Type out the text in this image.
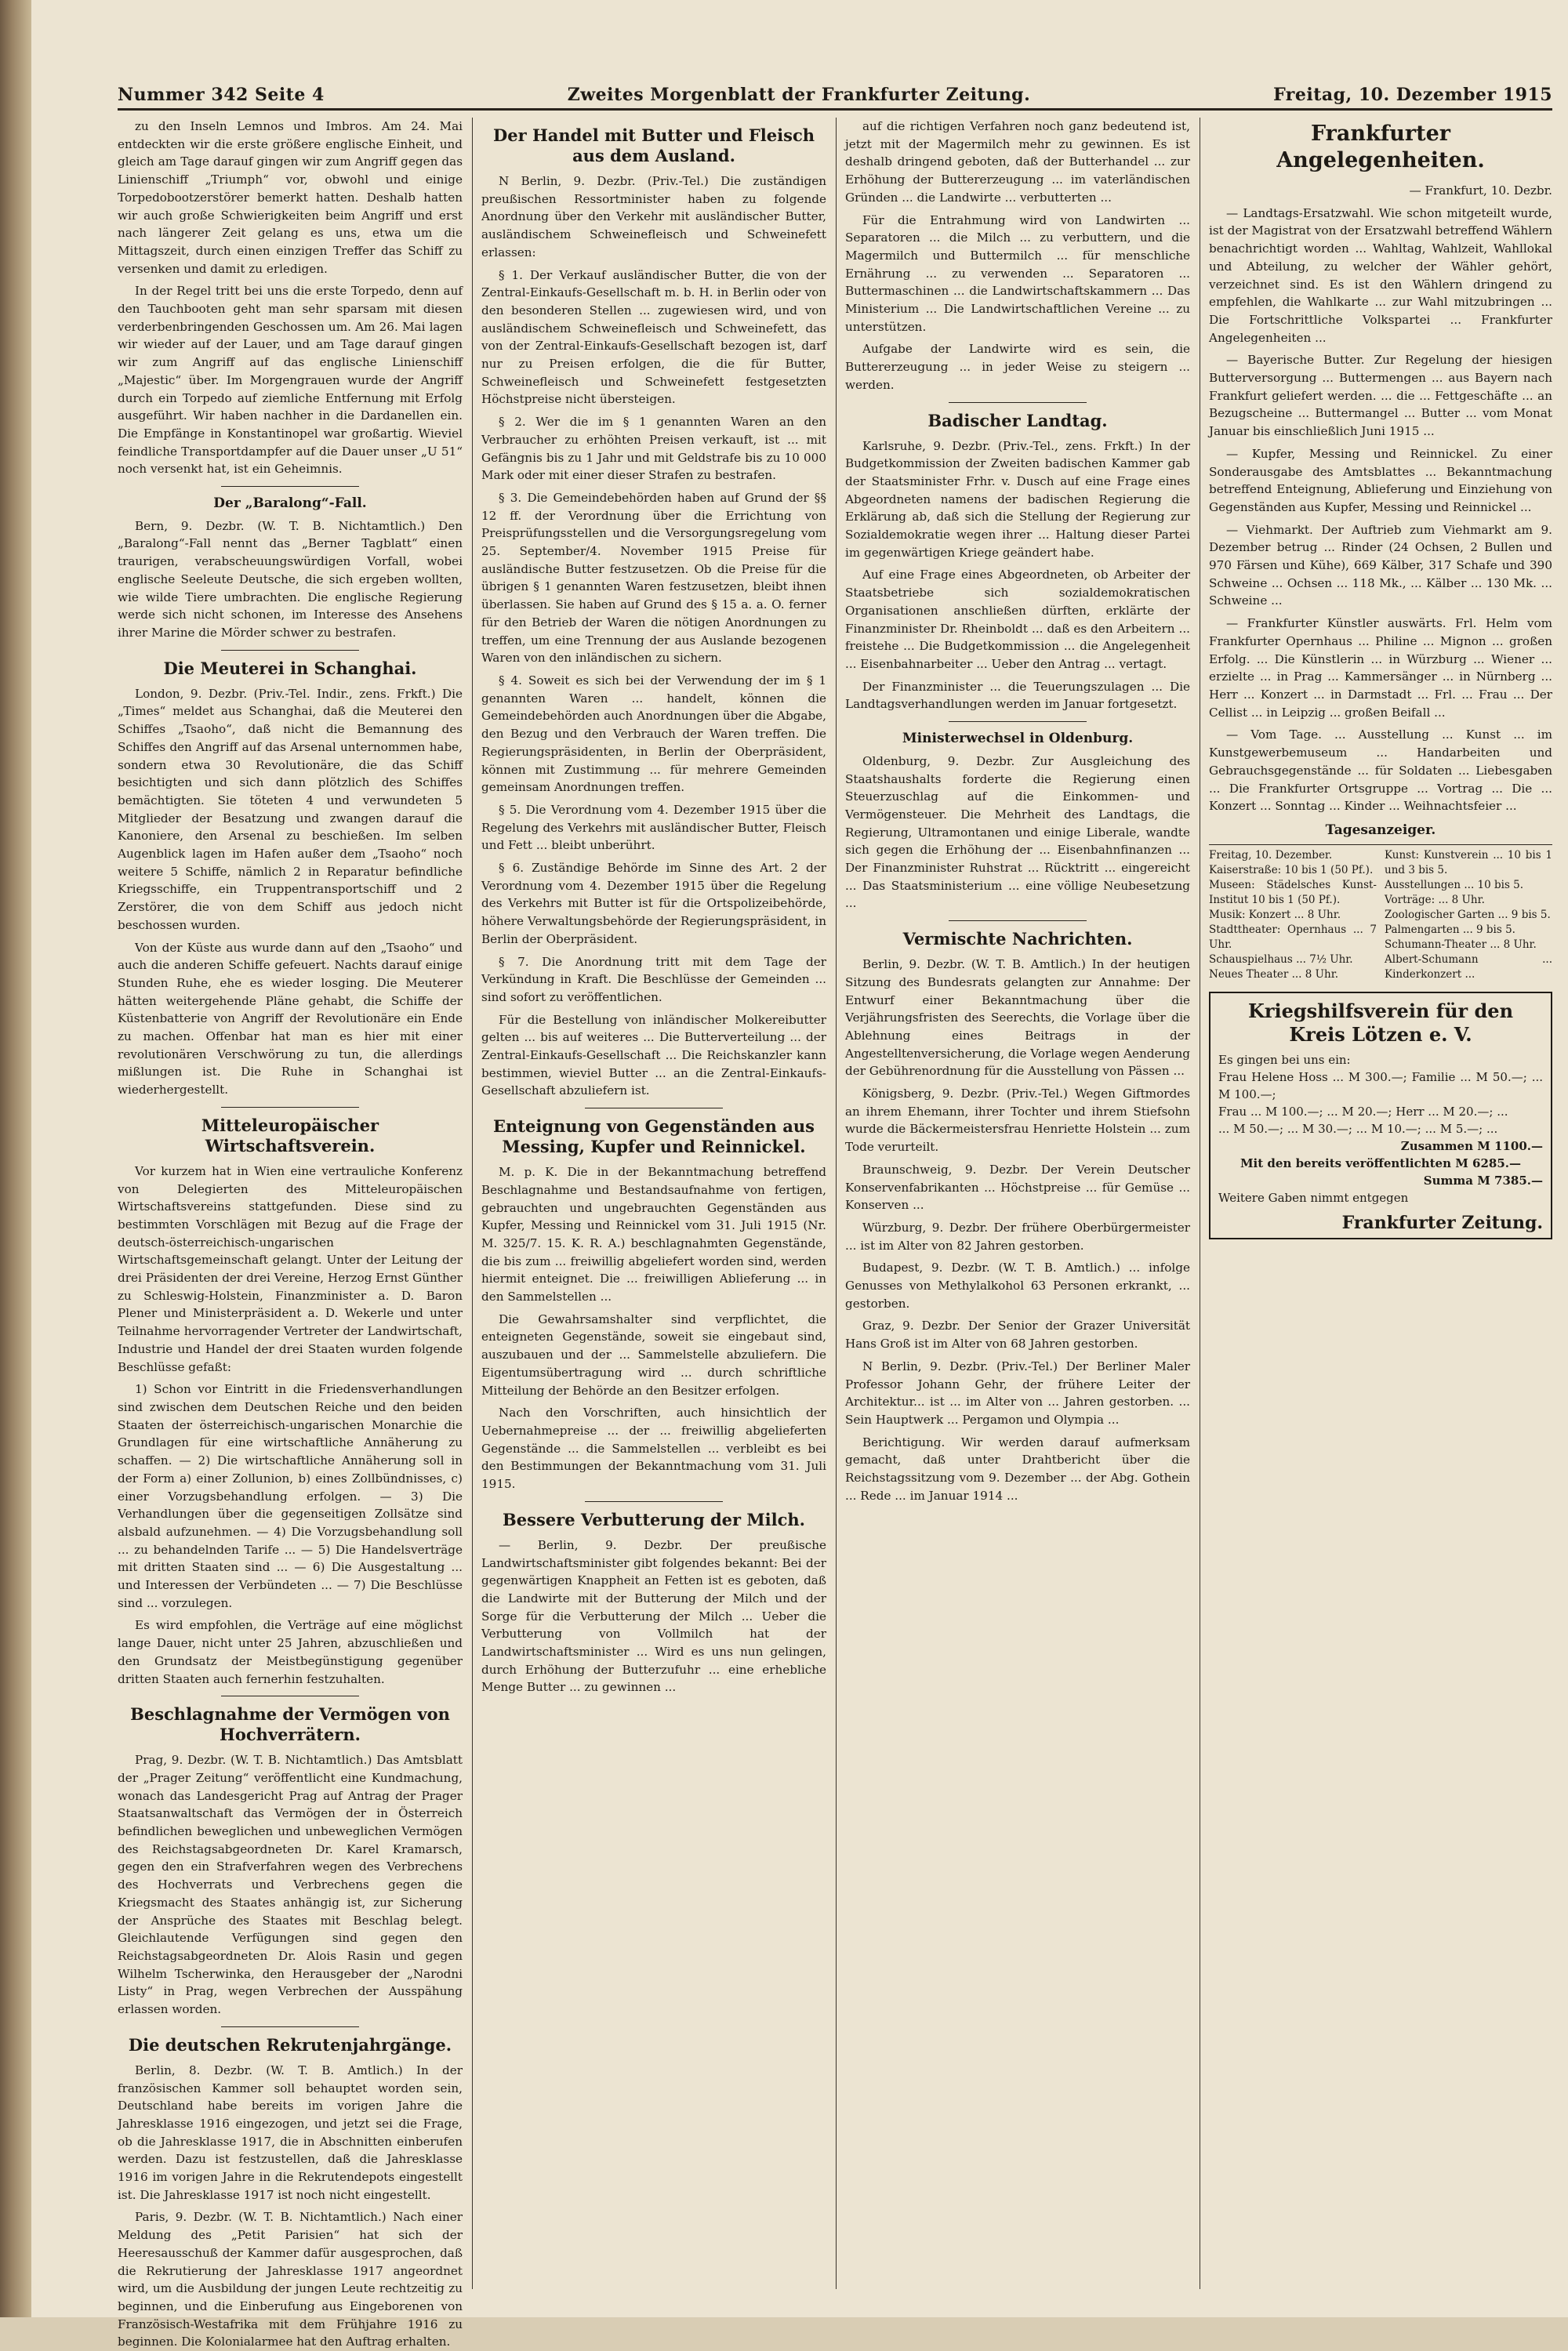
Nummer 342 Seite 4	Zweites Morgenblatt der Frankfurter Zeitung.	Freitag, 10. Dezember 1915

zu den Inseln Lemnos und Imbros. Am 24. Mai entdeckten wir die erste größere englische Einheit, und gleich am Tage darauf gingen wir zum Angriff gegen das Linienschiff „Triumph“ vor, obwohl und einige Torpedobootzerstörer bemerkt hatten. Deshalb hatten wir auch große Schwierigkeiten beim Angriff und erst nach längerer Zeit gelang es uns, etwa um die Mittagszeit, durch einen einzigen Treffer das Schiff zu versenken und damit zu erledigen.

In der Regel tritt bei uns die erste Torpedo, denn auf den Tauchbooten geht man sehr sparsam mit diesen verderbenbringenden Geschossen um. Am 26. Mai lagen wir wieder auf der Lauer, und am Tage darauf gingen wir zum Angriff auf das englische Linienschiff „Majestic“ über. Im Morgengrauen wurde der Angriff durch ein Torpedo auf ziemliche Entfernung mit Erfolg ausgeführt. Wir haben nachher in die Dardanellen ein. Die Empfänge in Konstantinopel war großartig. Wieviel feindliche Transportdampfer auf die Dauer unser „U 51“ noch versenkt hat, ist ein Geheimnis.

Der „Baralong“-Fall.

Bern, 9. Dezbr. (W. T. B. Nichtamtlich.) Den „Baralong“-Fall nennt das „Berner Tagblatt“ einen traurigen, verabscheuungswürdigen Vorfall, wobei englische Seeleute Deutsche, die sich ergeben wollten, wie wilde Tiere umbrachten. Die englische Regierung werde sich nicht schonen, im Interesse des Ansehens ihrer Marine die Mörder schwer zu bestrafen.

Die Meuterei in Schanghai.

London, 9. Dezbr. (Priv.-Tel. Indir., zens. Frkft.) Die „Times“ meldet aus Schanghai, daß die Meuterei den Schiffes „Tsaoho“, daß nicht die Bemannung des Schiffes den Angriff auf das Arsenal unternommen habe, sondern etwa 30 Revolutionäre, die das Schiff besichtigten und sich dann plötzlich des Schiffes bemächtigten. Sie töteten 4 und verwundeten 5 Mitglieder der Besatzung und zwangen darauf die Kanoniere, den Arsenal zu beschießen. Im selben Augenblick lagen im Hafen außer dem „Tsaoho“ noch weitere 5 Schiffe, nämlich 2 in Reparatur befindliche Kriegsschiffe, ein Truppentransportschiff und 2 Zerstörer, die von dem Schiff aus jedoch nicht beschossen wurden.

Von der Küste aus wurde dann auf den „Tsaoho“ und auch die anderen Schiffe gefeuert. Nachts darauf einige Stunden Ruhe, ehe es wieder losging. Die Meuterer hätten weitergehende Pläne gehabt, die Schiffe der Küstenbatterie von Angriff der Revolutionäre ein Ende zu machen. Offenbar hat man es hier mit einer revolutionären Verschwörung zu tun, die allerdings mißlungen ist. Die Ruhe in Schanghai ist wiederhergestellt.

Mitteleuropäischer Wirtschaftsverein.

Vor kurzem hat in Wien eine vertrauliche Konferenz von Delegierten des Mitteleuropäischen Wirtschaftsvereins stattgefunden. Diese sind zu bestimmten Vorschlägen mit Bezug auf die Frage der deutsch-österreichisch-ungarischen Wirtschaftsgemeinschaft gelangt. Unter der Leitung der drei Präsidenten der drei Vereine, Herzog Ernst Günther zu Schleswig-Holstein, Finanzminister a. D. Baron Plener und Ministerpräsident a. D. Wekerle und unter Teilnahme hervorragender Vertreter der Landwirtschaft, Industrie und Handel der drei Staaten wurden folgende Beschlüsse gefaßt:

1) Schon vor Eintritt in die Friedensverhandlungen sind zwischen dem Deutschen Reiche und den beiden Staaten der österreichisch-ungarischen Monarchie die Grundlagen für eine wirtschaftliche Annäherung zu schaffen. — 2) Die wirtschaftliche Annäherung soll in der Form a) einer Zollunion, b) eines Zollbündnisses, c) einer Vorzugsbehandlung erfolgen. — 3) Die Verhandlungen über die gegenseitigen Zollsätze sind alsbald aufzunehmen. — 4) Die Vorzugsbehandlung soll ... zu behandelnden Tarife ... — 5) Die Handelsverträge mit dritten Staaten sind ... — 6) Die Ausgestaltung ... und Interessen der Verbündeten ... — 7) Die Beschlüsse sind ... vorzulegen.

Es wird empfohlen, die Verträge auf eine möglichst lange Dauer, nicht unter 25 Jahren, abzuschließen und den Grundsatz der Meistbegünstigung gegenüber dritten Staaten auch fernerhin festzuhalten.

Beschlagnahme der Vermögen von Hochverrätern.

Prag, 9. Dezbr. (W. T. B. Nichtamtlich.) Das Amtsblatt der „Prager Zeitung“ veröffentlicht eine Kundmachung, wonach das Landesgericht Prag auf Antrag der Prager Staatsanwaltschaft das Vermögen der in Österreich befindlichen beweglichen und unbeweglichen Vermögen des Reichstagsabgeordneten Dr. Karel Kramarsch, gegen den ein Strafverfahren wegen des Verbrechens des Hochverrats und Verbrechens gegen die Kriegsmacht des Staates anhängig ist, zur Sicherung der Ansprüche des Staates mit Beschlag belegt. Gleichlautende Verfügungen sind gegen den Reichstagsabgeordneten Dr. Alois Rasin und gegen Wilhelm Tscherwinka, den Herausgeber der „Narodni Listy“ in Prag, wegen Verbrechen der Ausspähung erlassen worden.

Die deutschen Rekrutenjahrgänge.

Berlin, 8. Dezbr. (W. T. B. Amtlich.) In der französischen Kammer soll behauptet worden sein, Deutschland habe bereits im vorigen Jahre die Jahresklasse 1916 eingezogen, und jetzt sei die Frage, ob die Jahresklasse 1917, die in Abschnitten einberufen werden. Dazu ist festzustellen, daß die Jahresklasse 1916 im vorigen Jahre in die Rekrutendepots eingestellt ist. Die Jahresklasse 1917 ist noch nicht eingestellt.

Paris, 9. Dezbr. (W. T. B. Nichtamtlich.) Nach einer Meldung des „Petit Parisien“ hat sich der Heeresausschuß der Kammer dafür ausgesprochen, daß die Rekrutierung der Jahresklasse 1917 angeordnet wird, um die Ausbildung der jungen Leute rechtzeitig zu beginnen, und die Einberufung aus Eingeborenen von Französisch-Westafrika mit dem Frühjahre 1916 zu beginnen. Die Kolonialarmee hat den Auftrag erhalten.

Der Handel mit Butter und Fleisch aus dem Ausland.

N Berlin, 9. Dezbr. (Priv.-Tel.) Die zuständigen preußischen Ressortminister haben zu folgende Anordnung über den Verkehr mit ausländischer Butter, ausländischem Schweinefleisch und Schweinefett erlassen:

§ 1. Der Verkauf ausländischer Butter, die von der Zentral-Einkaufs-Gesellschaft m. b. H. in Berlin oder von den besonderen Stellen ... zugewiesen wird, und von ausländischem Schweinefleisch und Schweinefett, das von der Zentral-Einkaufs-Gesellschaft bezogen ist, darf nur zu Preisen erfolgen, die die für Butter, Schweinefleisch und Schweinefett festgesetzten Höchstpreise nicht übersteigen.

§ 2. Wer die im § 1 genannten Waren an den Verbraucher zu erhöhten Preisen verkauft, ist ... mit Gefängnis bis zu 1 Jahr und mit Geldstrafe bis zu 10 000 Mark oder mit einer dieser Strafen zu bestrafen.

§ 3. Die Gemeindebehörden haben auf Grund der §§ 12 ff. der Verordnung über die Errichtung von Preisprüfungsstellen und die Versorgungsregelung vom 25. September/4. November 1915 Preise für ausländische Butter festzusetzen. Ob die Preise für die übrigen § 1 genannten Waren festzusetzen, bleibt ihnen überlassen. Sie haben auf Grund des § 15 a. a. O. ferner für den Betrieb der Waren die nötigen Anordnungen zu treffen, um eine Trennung der aus Auslande bezogenen Waren von den inländischen zu sichern.

§ 4. Soweit es sich bei der Verwendung der im § 1 genannten Waren ... handelt, können die Gemeindebehörden auch Anordnungen über die Abgabe, den Bezug und den Verbrauch der Waren treffen. Die Regierungspräsidenten, in Berlin der Oberpräsident, können mit Zustimmung ... für mehrere Gemeinden gemeinsam Anordnungen treffen.

§ 5. Die Verordnung vom 4. Dezember 1915 über die Regelung des Verkehrs mit ausländischer Butter, Fleisch und Fett ... bleibt unberührt.

§ 6. Zuständige Behörde im Sinne des Art. 2 der Verordnung vom 4. Dezember 1915 über die Regelung des Verkehrs mit Butter ist für die Ortspolizeibehörde, höhere Verwaltungsbehörde der Regierungspräsident, in Berlin der Oberpräsident.

§ 7. Die Anordnung tritt mit dem Tage der Verkündung in Kraft. Die Beschlüsse der Gemeinden ... sind sofort zu veröffentlichen.

Für die Bestellung von inländischer Molkereibutter gelten ... bis auf weiteres ... Die Butterverteilung ... der Zentral-Einkaufs-Gesellschaft ... Die Reichskanzler kann bestimmen, wieviel Butter ... an die Zentral-Einkaufs-Gesellschaft abzuliefern ist.

Enteignung von Gegenständen aus Messing, Kupfer und Reinnickel.

M. p. K. Die in der Bekanntmachung betreffend Beschlagnahme und Bestandsaufnahme von fertigen, gebrauchten und ungebrauchten Gegenständen aus Kupfer, Messing und Reinnickel vom 31. Juli 1915 (Nr. M. 325/7. 15. K. R. A.) beschlagnahmten Gegenstände, die bis zum ... freiwillig abgeliefert worden sind, werden hiermit enteignet. Die ... freiwilligen Ablieferung ... in den Sammelstellen ...

Die Gewahrsamshalter sind verpflichtet, die enteigneten Gegenstände, soweit sie eingebaut sind, auszubauen und der ... Sammelstelle abzuliefern. Die Eigentumsübertragung wird ... durch schriftliche Mitteilung der Behörde an den Besitzer erfolgen.

Nach den Vorschriften, auch hinsichtlich der Uebernahmepreise ... der ... freiwillig abgelieferten Gegenstände ... die Sammelstellen ... verbleibt es bei den Bestimmungen der Bekanntmachung vom 31. Juli 1915.

Bessere Verbutterung der Milch.

— Berlin, 9. Dezbr. Der preußische Landwirtschaftsminister gibt folgendes bekannt: Bei der gegenwärtigen Knappheit an Fetten ist es geboten, daß die Landwirte mit der Butterung der Milch und der Sorge für die Verbutterung der Milch ... Ueber die Verbutterung von Vollmilch hat der Landwirtschaftsminister ... Wird es uns nun gelingen, durch Erhöhung der Butterzufuhr ... eine erhebliche Menge Butter ... zu gewinnen ...

auf die richtigen Verfahren noch ganz bedeutend ist, jetzt mit der Magermilch mehr zu gewinnen. Es ist deshalb dringend geboten, daß der Butterhandel ... zur Erhöhung der Buttererzeugung ... im vaterländischen Gründen ... die Landwirte ... verbutterten ...

Für die Entrahmung wird von Landwirten ... Separatoren ... die Milch ... zu verbuttern, und die Magermilch und Buttermilch ... für menschliche Ernährung ... zu verwenden ... Separatoren ... Buttermaschinen ... die Landwirtschaftskammern ... Das Ministerium ... Die Landwirtschaftlichen Vereine ... zu unterstützen.

Aufgabe der Landwirte wird es sein, die Buttererzeugung ... in jeder Weise zu steigern ... werden.

Badischer Landtag.

Karlsruhe, 9. Dezbr. (Priv.-Tel., zens. Frkft.) In der Budgetkommission der Zweiten badischen Kammer gab der Staatsminister Frhr. v. Dusch auf eine Frage eines Abgeordneten namens der badischen Regierung die Erklärung ab, daß sich die Stellung der Regierung zur Sozialdemokratie wegen ihrer ... Haltung dieser Partei im gegenwärtigen Kriege geändert habe.

Auf eine Frage eines Abgeordneten, ob Arbeiter der Staatsbetriebe sich sozialdemokratischen Organisationen anschließen dürften, erklärte der Finanzminister Dr. Rheinboldt ... daß es den Arbeitern ... freistehe ... Die Budgetkommission ... die Angelegenheit ... Eisenbahnarbeiter ... Ueber den Antrag ... vertagt.

Der Finanzminister ... die Teuerungszulagen ... Die Landtagsverhandlungen werden im Januar fortgesetzt.

Ministerwechsel in Oldenburg.

Oldenburg, 9. Dezbr. Zur Ausgleichung des Staatshaushalts forderte die Regierung einen Steuerzuschlag auf die Einkommen- und Vermögensteuer. Die Mehrheit des Landtags, die Regierung, Ultramontanen und einige Liberale, wandte sich gegen die Erhöhung der ... Eisenbahnfinanzen ... Der Finanzminister Ruhstrat ... Rücktritt ... eingereicht ... Das Staatsministerium ... eine völlige Neubesetzung ...

Vermischte Nachrichten.

Berlin, 9. Dezbr. (W. T. B. Amtlich.) In der heutigen Sitzung des Bundesrats gelangten zur Annahme: Der Entwurf einer Bekanntmachung über die Verjährungsfristen des Seerechts, die Vorlage über die Ablehnung eines Beitrags in der Angestelltenversicherung, die Vorlage wegen Aenderung der Gebührenordnung für die Ausstellung von Pässen ...

Königsberg, 9. Dezbr. (Priv.-Tel.) Wegen Giftmordes an ihrem Ehemann, ihrer Tochter und ihrem Stiefsohn wurde die Bäckermeistersfrau Henriette Holstein ... zum Tode verurteilt.

Braunschweig, 9. Dezbr. Der Verein Deutscher Konservenfabrikanten ... Höchstpreise ... für Gemüse ... Konserven ...

Würzburg, 9. Dezbr. Der frühere Oberbürgermeister ... ist im Alter von 82 Jahren gestorben.

Budapest, 9. Dezbr. (W. T. B. Amtlich.) ... infolge Genusses von Methylalkohol 63 Personen erkrankt, ... gestorben.

Graz, 9. Dezbr. Der Senior der Grazer Universität Hans Groß ist im Alter von 68 Jahren gestorben.

N Berlin, 9. Dezbr. (Priv.-Tel.) Der Berliner Maler Professor Johann Gehr, der frühere Leiter der Architektur... ist ... im Alter von ... Jahren gestorben. ... Sein Hauptwerk ... Pergamon und Olympia ...

Berichtigung. Wir werden darauf aufmerksam gemacht, daß unter Drahtbericht über die Reichstagssitzung vom 9. Dezember ... der Abg. Gothein ... Rede ... im Januar 1914 ...

Frankfurter Angelegenheiten.

— Frankfurt, 10. Dezbr.

— Landtags-Ersatzwahl. Wie schon mitgeteilt wurde, ist der Magistrat von der Ersatzwahl betreffend Wählern benachrichtigt worden ... Wahltag, Wahlzeit, Wahllokal und Abteilung, zu welcher der Wähler gehört, verzeichnet sind. Es ist den Wählern dringend zu empfehlen, die Wahlkarte ... zur Wahl mitzubringen ... Die Fortschrittliche Volkspartei ... Frankfurter Angelegenheiten ...

— Bayerische Butter. Zur Regelung der hiesigen Butterversorgung ... Buttermengen ... aus Bayern nach Frankfurt geliefert werden. ... die ... Fettgeschäfte ... an Bezugscheine ... Buttermangel ... Butter ... vom Monat Januar bis einschließlich Juni 1915 ...

— Kupfer, Messing und Reinnickel. Zu einer Sonderausgabe des Amtsblattes ... Bekanntmachung betreffend Enteignung, Ablieferung und Einziehung von Gegenständen aus Kupfer, Messing und Reinnickel ...

— Viehmarkt. Der Auftrieb zum Viehmarkt am 9. Dezember betrug ... Rinder (24 Ochsen, 2 Bullen und 970 Färsen und Kühe), 669 Kälber, 317 Schafe und 390 Schweine ... Ochsen ... 118 Mk., ... Kälber ... 130 Mk. ... Schweine ...

— Frankfurter Künstler auswärts. Frl. Helm vom Frankfurter Opernhaus ... Philine ... Mignon ... großen Erfolg. ... Die Künstlerin ... in Würzburg ... Wiener ... erzielte ... in Prag ... Kammersänger ... in Nürnberg ... Herr ... Konzert ... in Darmstadt ... Frl. ... Frau ... Der Cellist ... in Leipzig ... großen Beifall ...

— Vom Tage. ... Ausstellung ... Kunst ... im Kunstgewerbemuseum ... Handarbeiten und Gebrauchsgegenstände ... für Soldaten ... Liebesgaben ... Die Frankfurter Ortsgruppe ... Vortrag ... Die ... Konzert ... Sonntag ... Kinder ... Weihnachtsfeier ...

Tagesanzeiger.
Freitag, 10. Dezember.
Kaiserstraße: 10 bis 1 (50 Pf.).
Museen: Städelsches Kunst-Institut 10 bis 1 (50 Pf.).
Musik: Konzert ... 8 Uhr.
Stadttheater: Opernhaus ... 7 Uhr.
Schauspielhaus ... 7½ Uhr.
Neues Theater ... 8 Uhr.
Kunst: Kunstverein ... 10 bis 1 und 3 bis 5.
Ausstellungen ... 10 bis 5.
Vorträge: ... 8 Uhr.
Zoologischer Garten ... 9 bis 5.
Palmengarten ... 9 bis 5.
Schumann-Theater ... 8 Uhr.
Albert-Schumann ... Kinderkonzert ...
Kriegshilfsverein für den Kreis Lötzen e. V.
Es gingen bei uns ein:
Frau Helene Hoss ... M 300.—; Familie ... M 50.—; ... M 100.—;
Frau ... M 100.—; ... M 20.—; Herr ... M 20.—; ...
... M 50.—; ... M 30.—; ... M 10.—; ... M 5.—; ...
Zusammen M 1100.—
Mit den bereits veröffentlichten M 6285.—
Summa M 7385.—
Weitere Gaben nimmt entgegen
Frankfurter Zeitung.
